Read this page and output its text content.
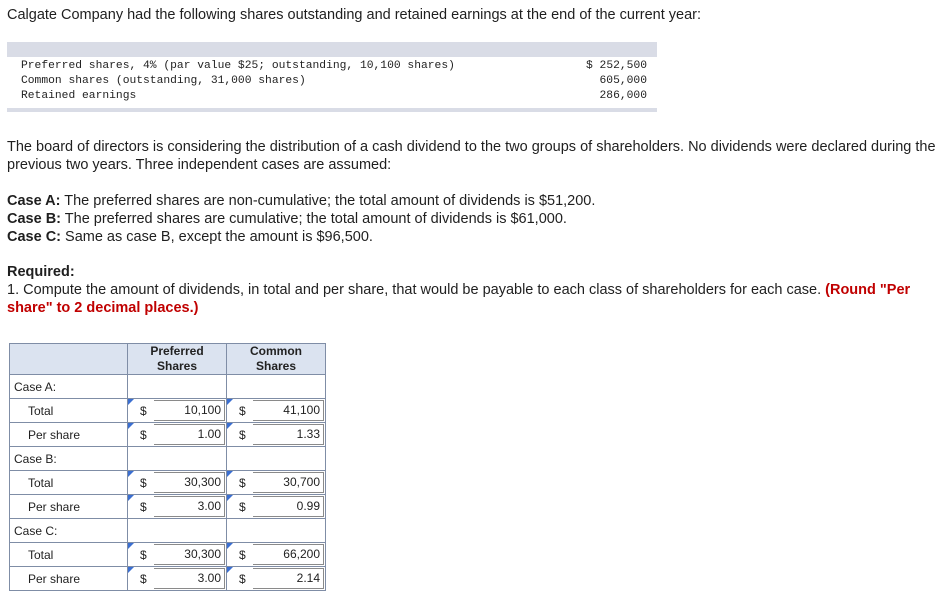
Calgate Company had the following shares outstanding and retained earnings at the end of the current year:
Preferred shares, 4% (par value $25; outstanding, 10,100 shares)	$ 252,500
Common shares (outstanding, 31,000 shares)	605,000
Retained earnings	286,000
The board of directors is considering the distribution of a cash dividend to the two groups of shareholders. No dividends were declared during the previous two years. Three independent cases are assumed:
Case A: The preferred shares are non-cumulative; the total amount of dividends is $51,200.
Case B: The preferred shares are cumulative; the total amount of dividends is $61,000.
Case C: Same as case B, except the amount is $96,500.
Required:
1. Compute the amount of dividends, in total and per share, that would be payable to each class of shareholders for each case. (Round "Per share" to 2 decimal places.)
	Preferred
Shares	Common
Shares
Case A:		
Total	$ 10,100	$ 41,100

Per share	$ 1.00	$ 1.33

Case B:		
Total	$ 30,300	$ 30,700

Per share	$ 3.00	$ 0.99

Case C:		
Total	$ 30,300	$ 66,200

Per share	$ 3.00	$ 2.14
